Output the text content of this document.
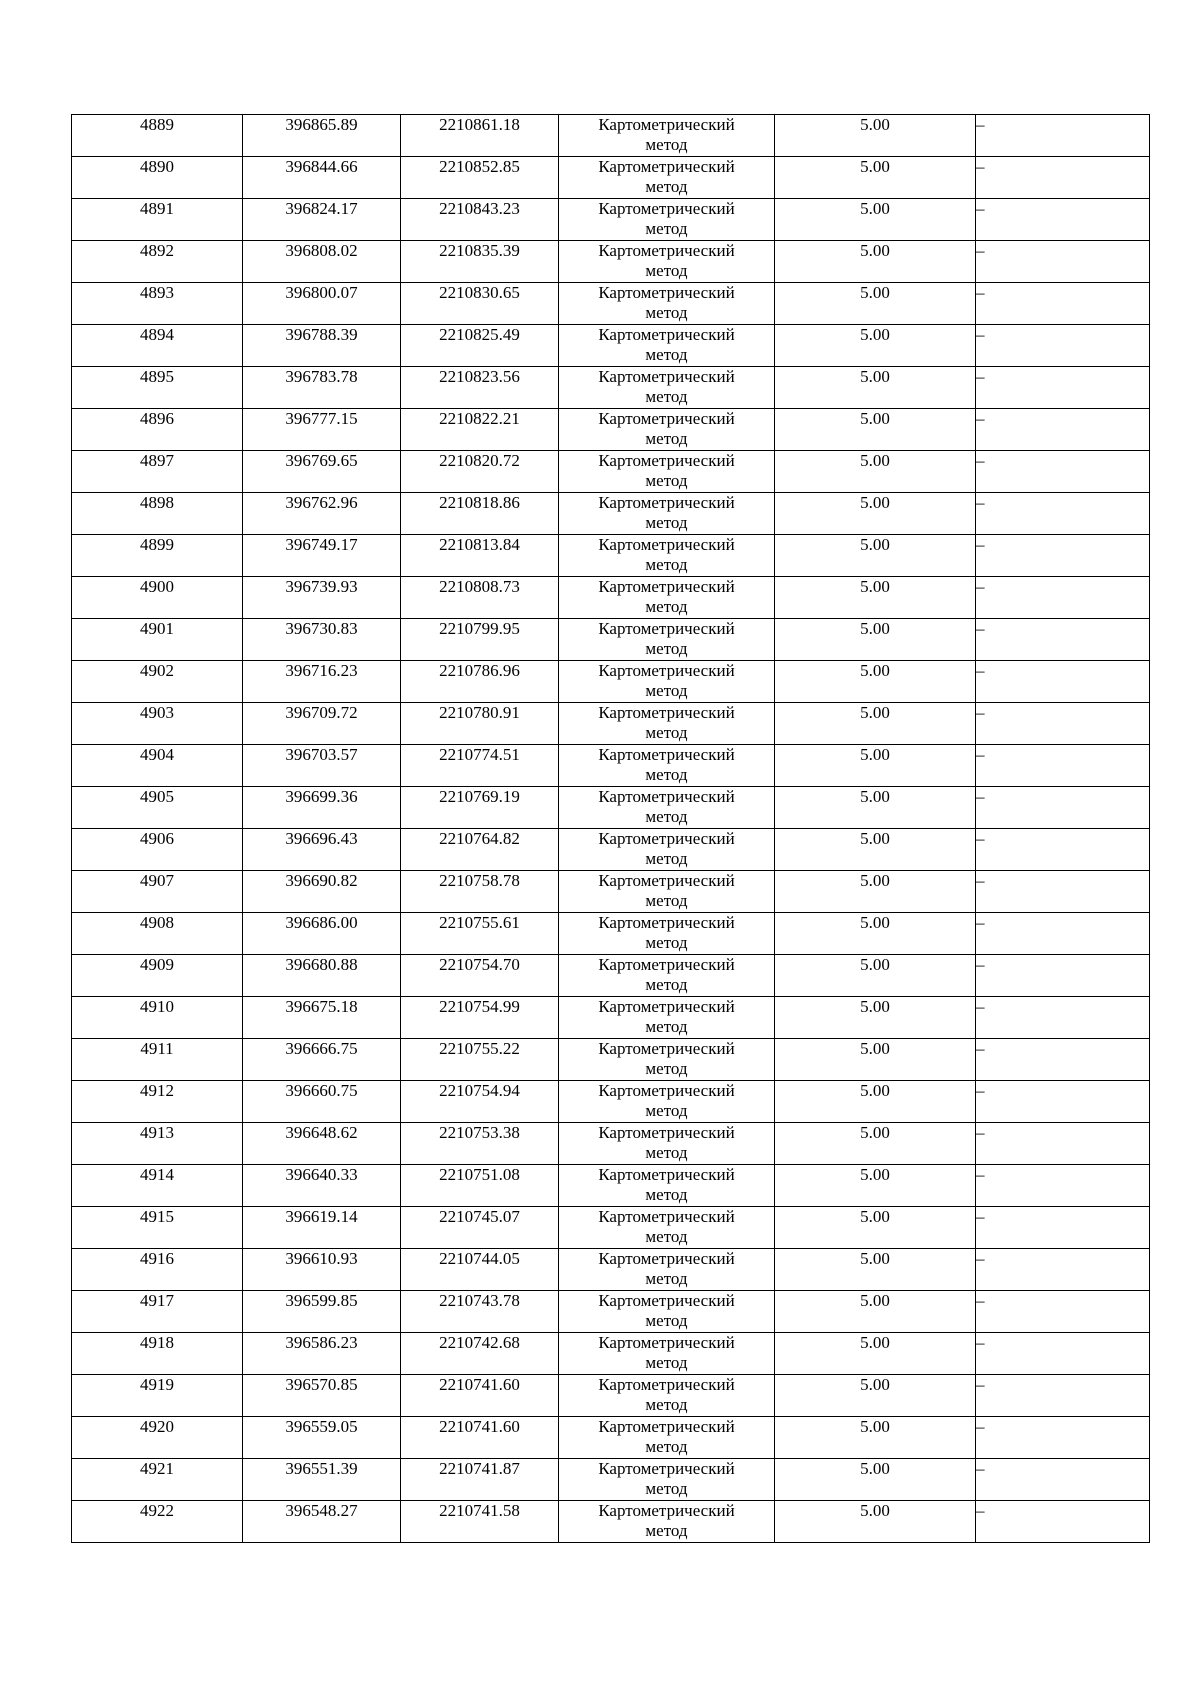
4889	396865.89	2210861.18	Картометрический метод	5.00	–
4890	396844.66	2210852.85	Картометрический метод	5.00	–
4891	396824.17	2210843.23	Картометрический метод	5.00	–
4892	396808.02	2210835.39	Картометрический метод	5.00	–
4893	396800.07	2210830.65	Картометрический метод	5.00	–
4894	396788.39	2210825.49	Картометрический метод	5.00	–
4895	396783.78	2210823.56	Картометрический метод	5.00	–
4896	396777.15	2210822.21	Картометрический метод	5.00	–
4897	396769.65	2210820.72	Картометрический метод	5.00	–
4898	396762.96	2210818.86	Картометрический метод	5.00	–
4899	396749.17	2210813.84	Картометрический метод	5.00	–
4900	396739.93	2210808.73	Картометрический метод	5.00	–
4901	396730.83	2210799.95	Картометрический метод	5.00	–
4902	396716.23	2210786.96	Картометрический метод	5.00	–
4903	396709.72	2210780.91	Картометрический метод	5.00	–
4904	396703.57	2210774.51	Картометрический метод	5.00	–
4905	396699.36	2210769.19	Картометрический метод	5.00	–
4906	396696.43	2210764.82	Картометрический метод	5.00	–
4907	396690.82	2210758.78	Картометрический метод	5.00	–
4908	396686.00	2210755.61	Картометрический метод	5.00	–
4909	396680.88	2210754.70	Картометрический метод	5.00	–
4910	396675.18	2210754.99	Картометрический метод	5.00	–
4911	396666.75	2210755.22	Картометрический метод	5.00	–
4912	396660.75	2210754.94	Картометрический метод	5.00	–
4913	396648.62	2210753.38	Картометрический метод	5.00	–
4914	396640.33	2210751.08	Картометрический метод	5.00	–
4915	396619.14	2210745.07	Картометрический метод	5.00	–
4916	396610.93	2210744.05	Картометрический метод	5.00	–
4917	396599.85	2210743.78	Картометрический метод	5.00	–
4918	396586.23	2210742.68	Картометрический метод	5.00	–
4919	396570.85	2210741.60	Картометрический метод	5.00	–
4920	396559.05	2210741.60	Картометрический метод	5.00	–
4921	396551.39	2210741.87	Картометрический метод	5.00	–
4922	396548.27	2210741.58	Картометрический метод	5.00	–
